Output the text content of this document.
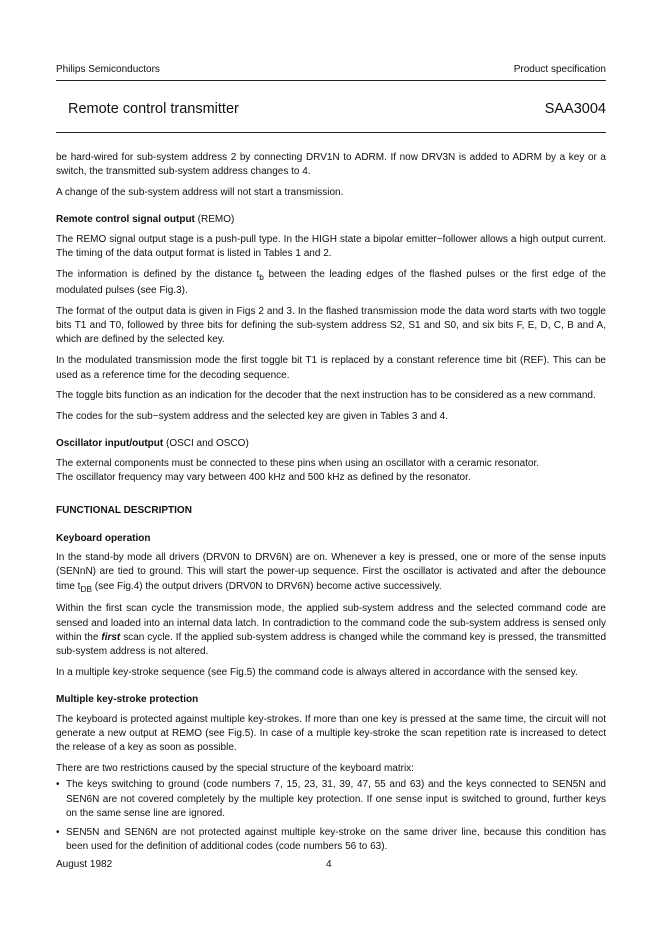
Philips Semiconductors	Product specification
Remote control transmitter	SAA3004

be hard-wired for sub-system address 2 by connecting DRV1N to ADRM. If now DRV3N is added to ADRM by a key or a switch, the transmitted sub-system address changes to 4.

A change of the sub-system address will not start a transmission.

Remote control signal output (REMO)

The REMO signal output stage is a push-pull type. In the HIGH state a bipolar emitter−follower allows a high output current. The timing of the data output format is listed in Tables 1 and 2.

The information is defined by the distance $t_b$ between the leading edges of the flashed pulses or the first edge of the modulated pulses (see Fig.3).

The format of the output data is given in Figs 2 and 3. In the flashed transmission mode the data word starts with two toggle bits T1 and T0, followed by three bits for defining the sub-system address S2, S1 and S0, and six bits F, E, D, C, B and A, which are defined by the selected key.

In the modulated transmission mode the first toggle bit T1 is replaced by a constant reference time bit (REF). This can be used as a reference time for the decoding sequence.

The toggle bits function as an indication for the decoder that the next instruction has to be considered as a new command.

The codes for the sub−system address and the selected key are given in Tables 3 and 4.

Oscillator input/output (OSCI and OSCO)

The external components must be connected to these pins when using an oscillator with a ceramic resonator.
The oscillator frequency may vary between 400 kHz and 500 kHz as defined by the resonator.

FUNCTIONAL DESCRIPTION
Keyboard operation

In the stand-by mode all drivers (DRV0N to DRV6N) are on. Whenever a key is pressed, one or more of the sense inputs (SENnN) are tied to ground. This will start the power-up sequence. First the oscillator is activated and after the debounce time $t_{DB}$ (see Fig.4) the output drivers (DRV0N to DRV6N) become active successively.

Within the first scan cycle the transmission mode, the applied sub-system address and the selected command code are sensed and loaded into an internal data latch. In contradiction to the command code the sub-system address is sensed only within the first scan cycle. If the applied sub-system address is changed while the command key is pressed, the transmitted sub-system address is not altered.

In a multiple key-stroke sequence (see Fig.5) the command code is always altered in accordance with the sensed key.

Multiple key-stroke protection

The keyboard is protected against multiple key-strokes. If more than one key is pressed at the same time, the circuit will not generate a new output at REMO (see Fig.5). In case of a multiple key-stroke the scan repetition rate is increased to detect the release of a key as soon as possible.

There are two restrictions caused by the special structure of the keyboard matrix:

• The keys switching to ground (code numbers 7, 15, 23, 31, 39, 47, 55 and 63) and the keys connected to SEN5N and SEN6N are not covered completely by the multiple key protection. If one sense input is switched to ground, further keys on the same sense line are ignored.
• SEN5N and SEN6N are not protected against multiple key-stroke on the same driver line, because this condition has been used for the definition of additional codes (code numbers 56 to 63).
August 1982	4
